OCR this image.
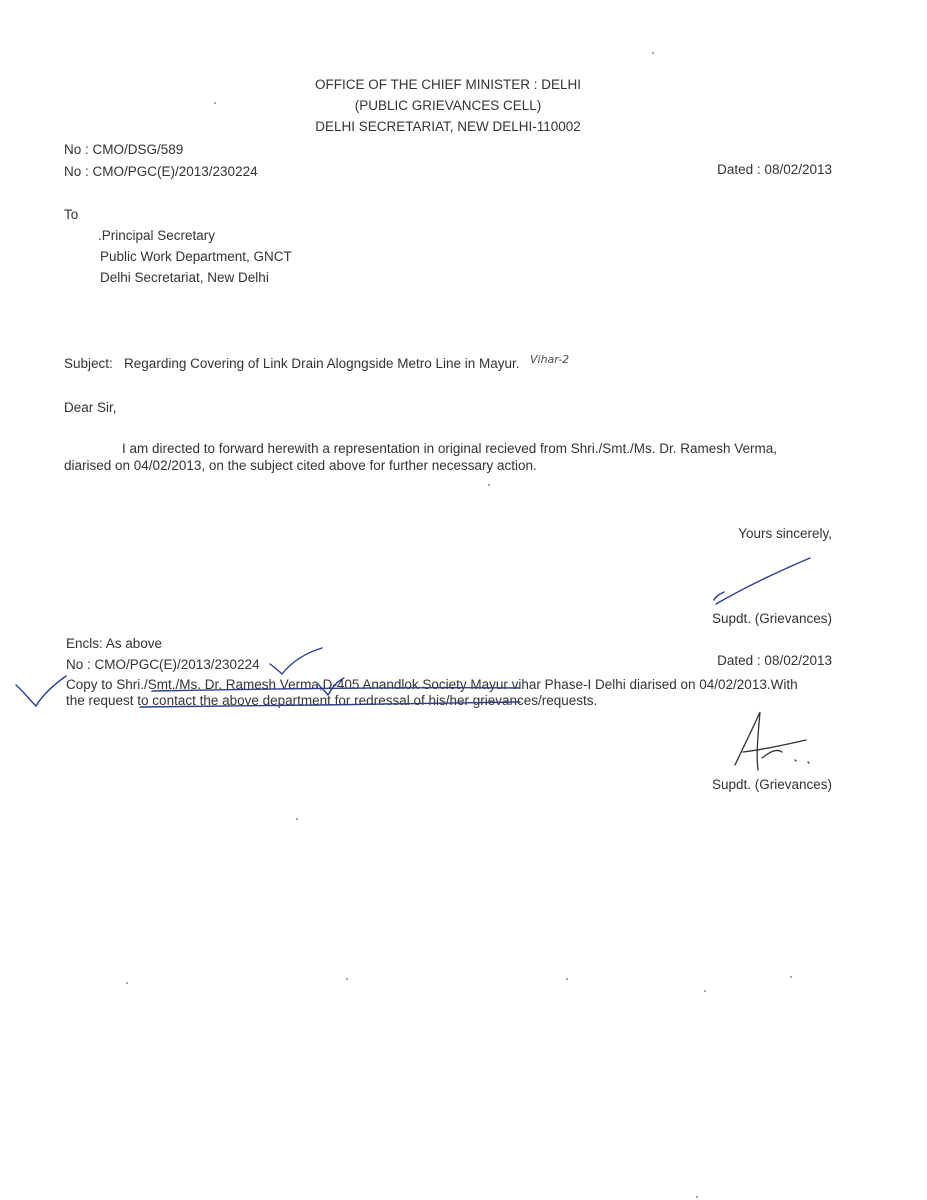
OFFICE OF THE CHIEF MINISTER : DELHI
(PUBLIC GRIEVANCES CELL)
DELHI SECRETARIAT, NEW DELHI-110002
No : CMO/DSG/589
No : CMO/PGC(E)/2013/230224	Dated : 08/02/2013
To
.Principal Secretary
Public Work Department, GNCT
Delhi Secretariat, New Delhi
Subject: Regarding Covering of Link Drain Alogngside Metro Line in Mayur. Vihar-2
Dear Sir,
I am directed to forward herewith a representation in original recieved from Shri./Smt./Ms. Dr. Ramesh Verma,
diarised on 04/02/2013, on the subject cited above for further necessary action.
Yours sincerely,
Supdt. (Grievances)
Encls: As above
No : CMO/PGC(E)/2013/230224	Dated : 08/02/2013
Copy to Shri./Smt./Ms. Dr. Ramesh Verma,D-405 Anandlok Society Mayur vihar Phase-I Delhi diarised on 04/02/2013.With
the request to contact the above department for redressal of his/her grievances/requests.
Supdt. (Grievances)
